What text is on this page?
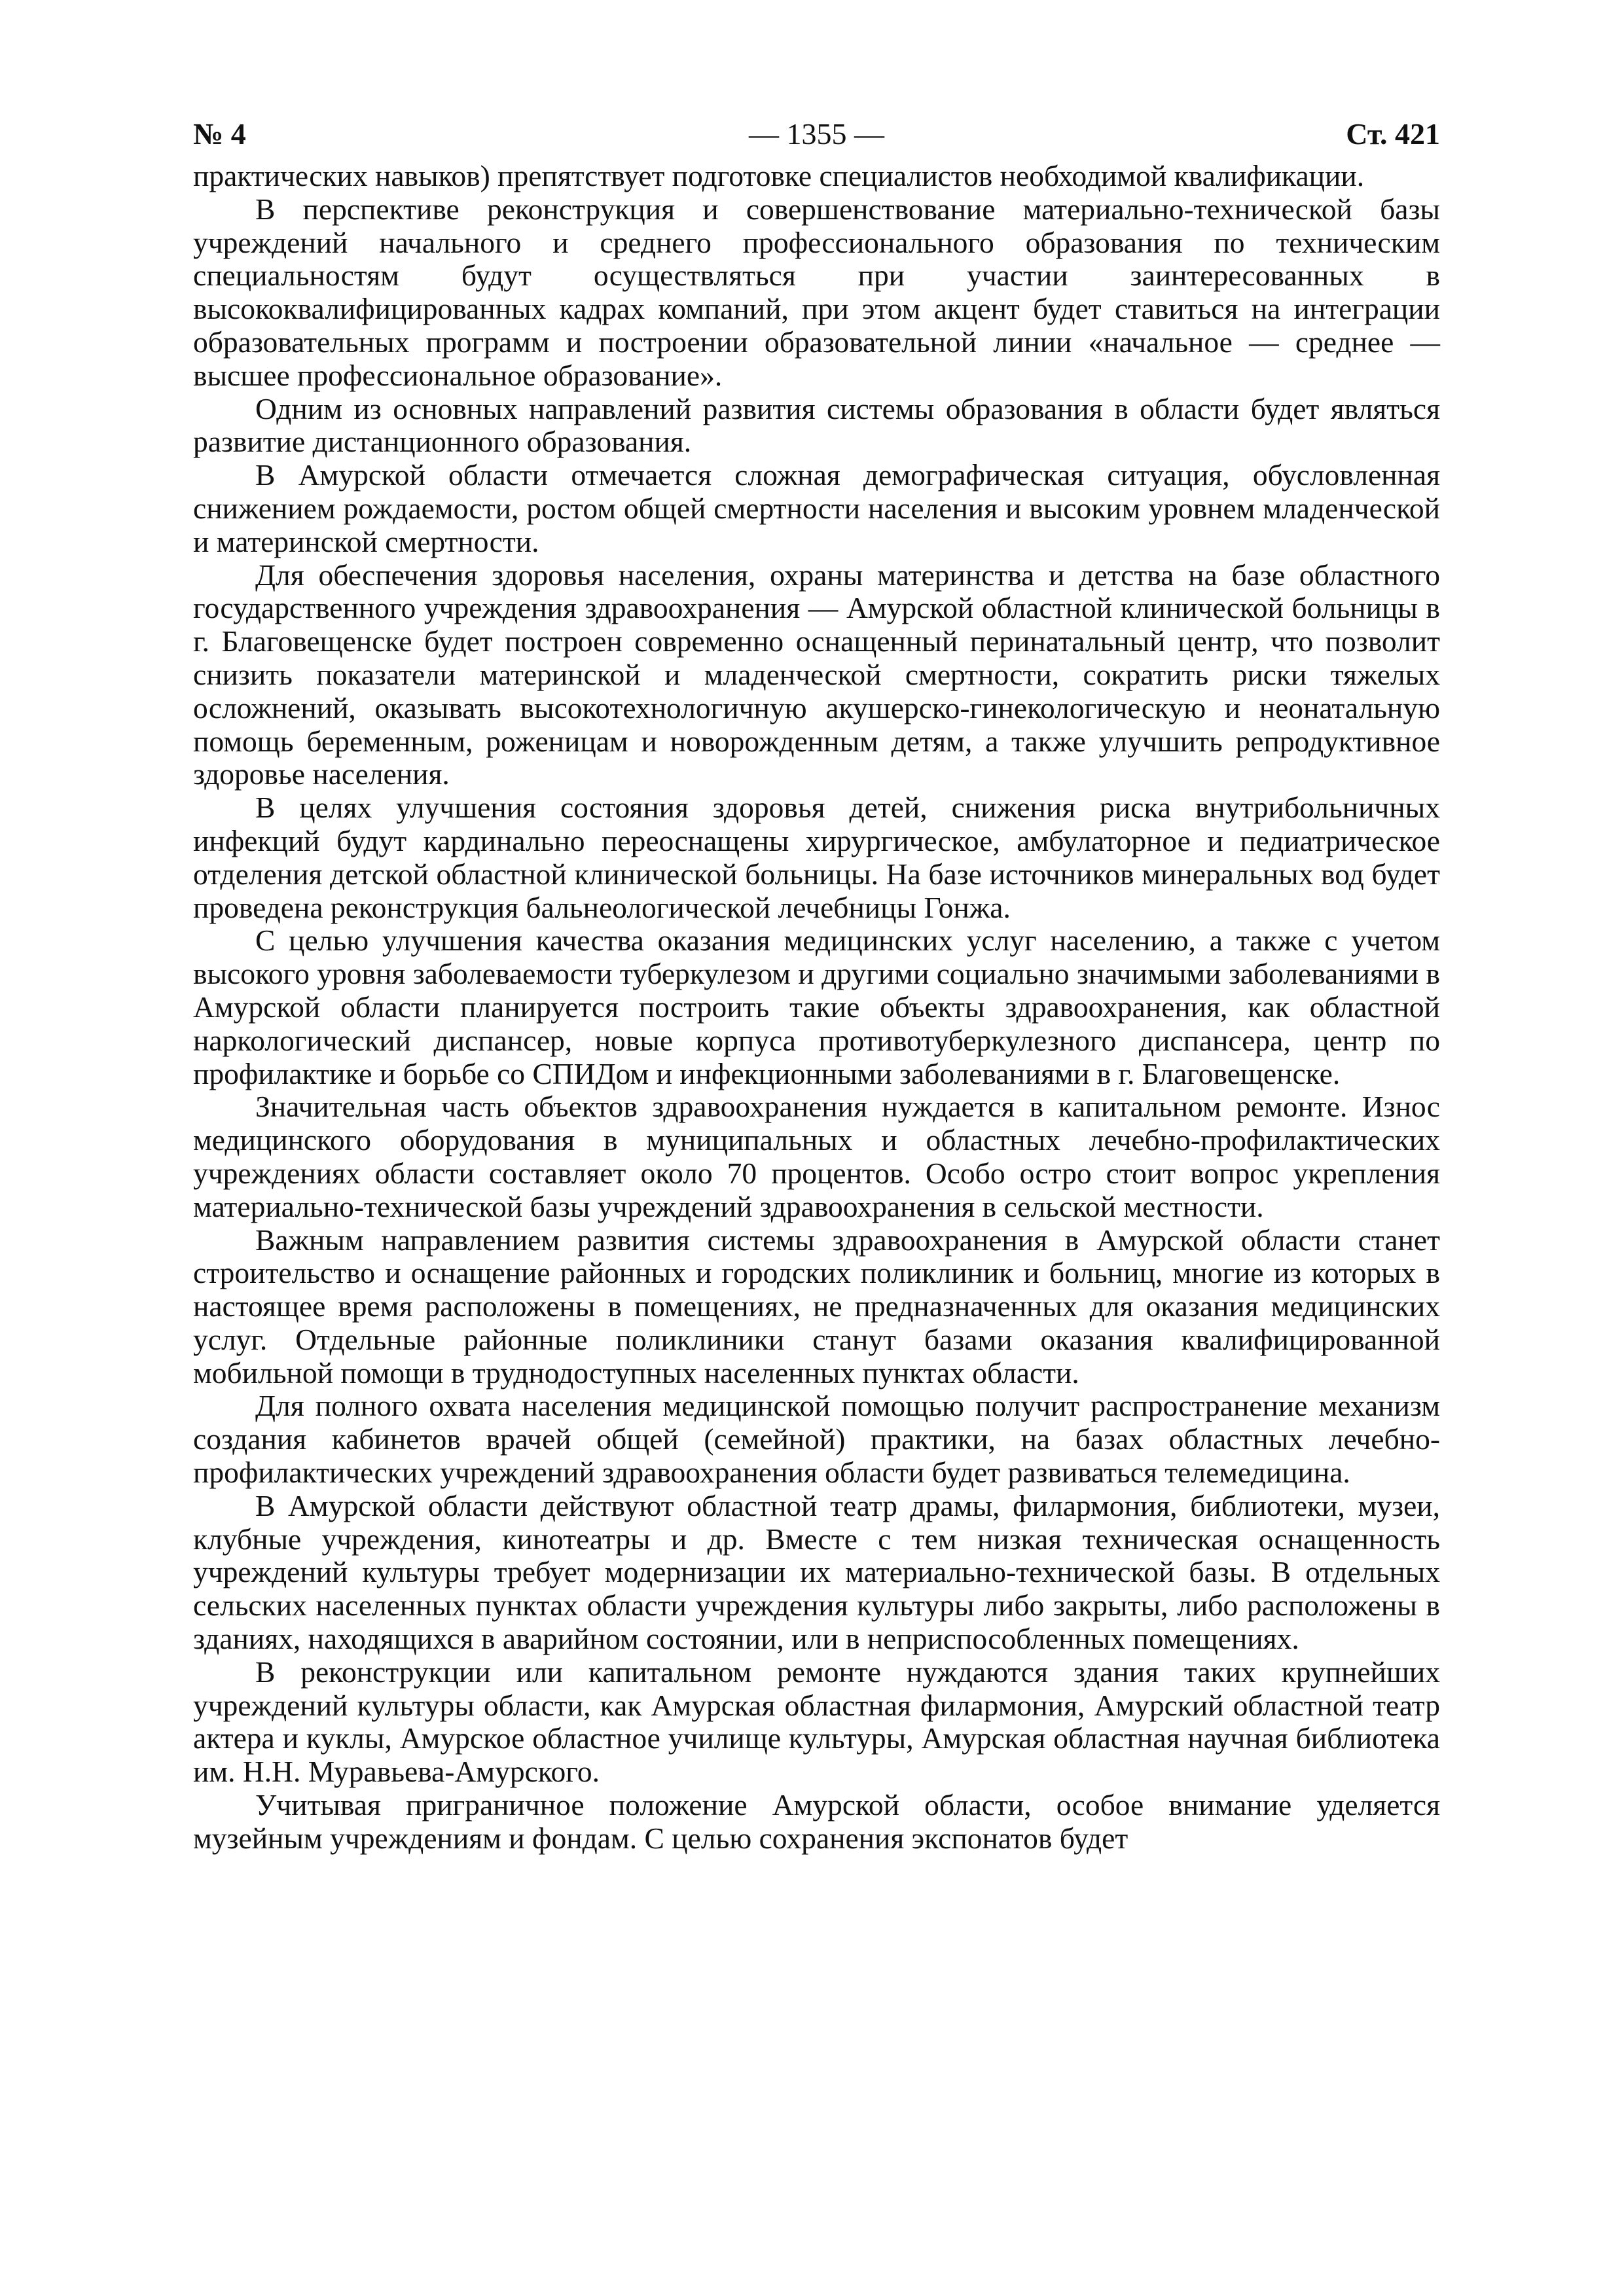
№ 4	— 1355 —	Ст. 421

практических навыков) препятствует подготовке специалистов необходимой квалификации.

В перспективе реконструкция и совершенствование материально-технической базы учреждений начального и среднего профессионального образования по техническим специальностям будут осуществляться при участии заинтересованных в высококвалифицированных кадрах компаний, при этом акцент будет ставиться на интеграции образовательных программ и построении образовательной линии «начальное — среднее — высшее профессиональное образование».

Одним из основных направлений развития системы образования в области будет являться развитие дистанционного образования.

В Амурской области отмечается сложная демографическая ситуация, обусловленная снижением рождаемости, ростом общей смертности населения и высоким уровнем младенческой и материнской смертности.

Для обеспечения здоровья населения, охраны материнства и детства на базе областного государственного учреждения здравоохранения — Амурской областной клинической больницы в г. Благовещенске будет построен современно оснащенный перинатальный центр, что позволит снизить показатели материнской и младенческой смертности, сократить риски тяжелых осложнений, оказывать высокотехнологичную акушерско-гинекологическую и неонатальную помощь беременным, роженицам и новорожденным детям, а также улучшить репродуктивное здоровье населения.

В целях улучшения состояния здоровья детей, снижения риска внутрибольничных инфекций будут кардинально переоснащены хирургическое, амбулаторное и педиатрическое отделения детской областной клинической больницы. На базе источников минеральных вод будет проведена реконструкция бальнеологической лечебницы Гонжа.

С целью улучшения качества оказания медицинских услуг населению, а также с учетом высокого уровня заболеваемости туберкулезом и другими социально значимыми заболеваниями в Амурской области планируется построить такие объекты здравоохранения, как областной наркологический диспансер, новые корпуса противотуберкулезного диспансера, центр по профилактике и борьбе со СПИДом и инфекционными заболеваниями в г. Благовещенске.

Значительная часть объектов здравоохранения нуждается в капитальном ремонте. Износ медицинского оборудования в муниципальных и областных лечебно-профилактических учреждениях области составляет около 70 процентов. Особо остро стоит вопрос укрепления материально-технической базы учреждений здравоохранения в сельской местности.

Важным направлением развития системы здравоохранения в Амурской области станет строительство и оснащение районных и городских поликлиник и больниц, многие из которых в настоящее время расположены в помещениях, не предназначенных для оказания медицинских услуг. Отдельные районные поликлиники станут базами оказания квалифицированной мобильной помощи в труднодоступных населенных пунктах области.

Для полного охвата населения медицинской помощью получит распространение механизм создания кабинетов врачей общей (семейной) практики, на базах областных лечебно-профилактических учреждений здравоохранения области будет развиваться телемедицина.

В Амурской области действуют областной театр драмы, филармония, библиотеки, музеи, клубные учреждения, кинотеатры и др. Вместе с тем низкая техническая оснащенность учреждений культуры требует модернизации их материально-технической базы. В отдельных сельских населенных пунктах области учреждения культуры либо закрыты, либо расположены в зданиях, находящихся в аварийном состоянии, или в неприспособленных помещениях.

В реконструкции или капитальном ремонте нуждаются здания таких крупнейших учреждений культуры области, как Амурская областная филармония, Амурский областной театр актера и куклы, Амурское областное училище культуры, Амурская областная научная библиотека им. Н.Н. Муравьева-Амурского.

Учитывая приграничное положение Амурской области, особое внимание уделяется музейным учреждениям и фондам. С целью сохранения экспонатов будет
